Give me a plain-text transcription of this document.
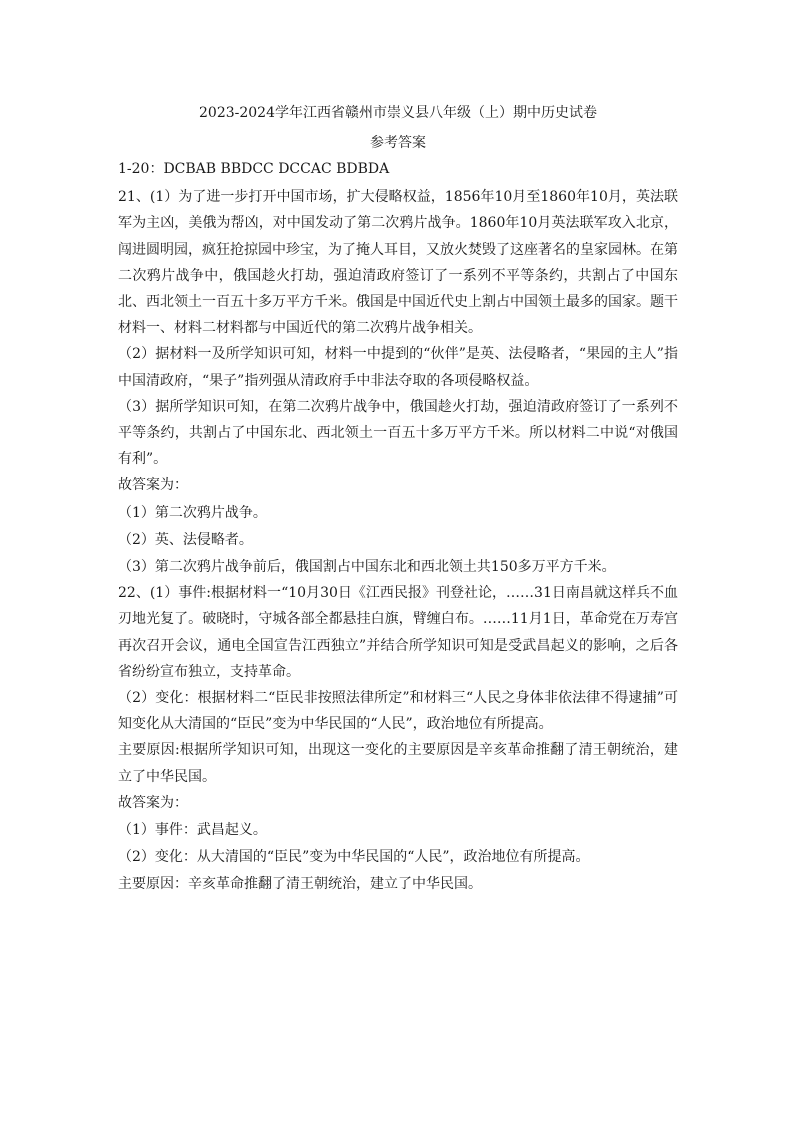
2023-2024学年江西省赣州市崇义县八年级（上）期中历史试卷

参考答案

1-20：DCBAB BBDCC DCCAC BDBDA

21、(1）为了进一步打开中国市场，扩大侵略权益，1856年10月至1860年10月，英法联军为主凶，美俄为帮凶，对中国发动了第二次鸦片战争。1860年10月英法联军攻入北京，闯进圆明园，疯狂抢掠园中珍宝，为了掩人耳目，又放火焚毁了这座著名的皇家园林。在第二次鸦片战争中，俄国趁火打劫，强迫清政府签订了一系列不平等条约，共割占了中国东北、西北领土一百五十多万平方千米。俄国是中国近代史上割占中国领土最多的国家。题干材料一、材料二材料都与中国近代的第二次鸦片战争相关。

（2）据材料一及所学知识可知，材料一中提到的“伙伴”是英、法侵略者，“果园的主人”指中国清政府，“果子”指列强从清政府手中非法夺取的各项侵略权益。

（3）据所学知识可知，在第二次鸦片战争中，俄国趁火打劫，强迫清政府签订了一系列不平等条约，共割占了中国东北、西北领土一百五十多万平方千米。所以材料二中说“对俄国有利”。

故答案为：

（1）第二次鸦片战争。

（2）英、法侵略者。

（3）第二次鸦片战争前后，俄国割占中国东北和西北领土共150多万平方千米。

22、(1）事件:根据材料一“10月30日《江西民报》刊登社论，……31日南昌就这样兵不血刃地光复了。破晓时，守城各部全都悬挂白旗，臂缠白布。……11月1日，革命党在万寿宫再次召开会议，通电全国宣告江西独立”并结合所学知识可知是受武昌起义的影响，之后各省纷纷宣布独立，支持革命。

（2）变化：根据材料二“臣民非按照法律所定”和材料三“人民之身体非依法律不得逮捕”可知变化从大清国的“臣民”变为中华民国的“人民”，政治地位有所提高。

主要原因:根据所学知识可知，出现这一变化的主要原因是辛亥革命推翻了清王朝统治，建立了中华民国。

故答案为：

（1）事件：武昌起义。

（2）变化：从大清国的“臣民”变为中华民国的“人民”，政治地位有所提高。

主要原因：辛亥革命推翻了清王朝统治，建立了中华民国。
